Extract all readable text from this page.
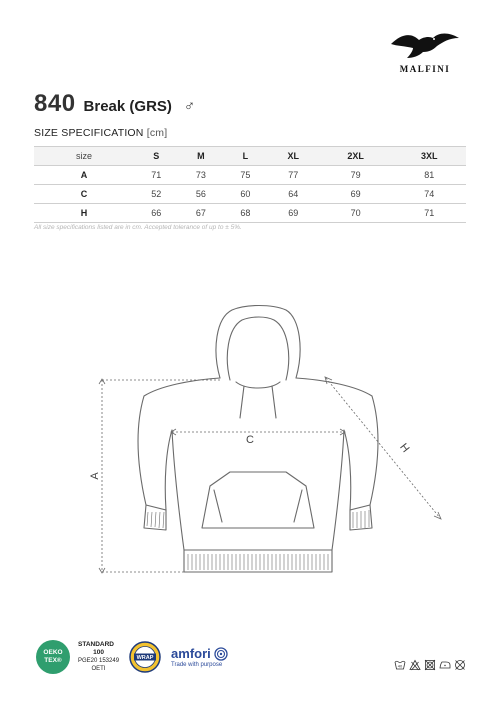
MALFINI
840 Break (GRS) ♂
SIZE SPECIFICATION [cm]
size	S	M	L	XL	2XL	3XL
A	71	73	75	77	79	81
C	52	56	60	64	69	74
H	66	67	68	69	70	71
All size specifications listed are in cm. Accepted tolerance of up to ± 5%.
A
C
H
OEKO
TEX®
STANDARD
100
PGE20 153249
OETI
WRAP amfori
Trade with purpose	40
